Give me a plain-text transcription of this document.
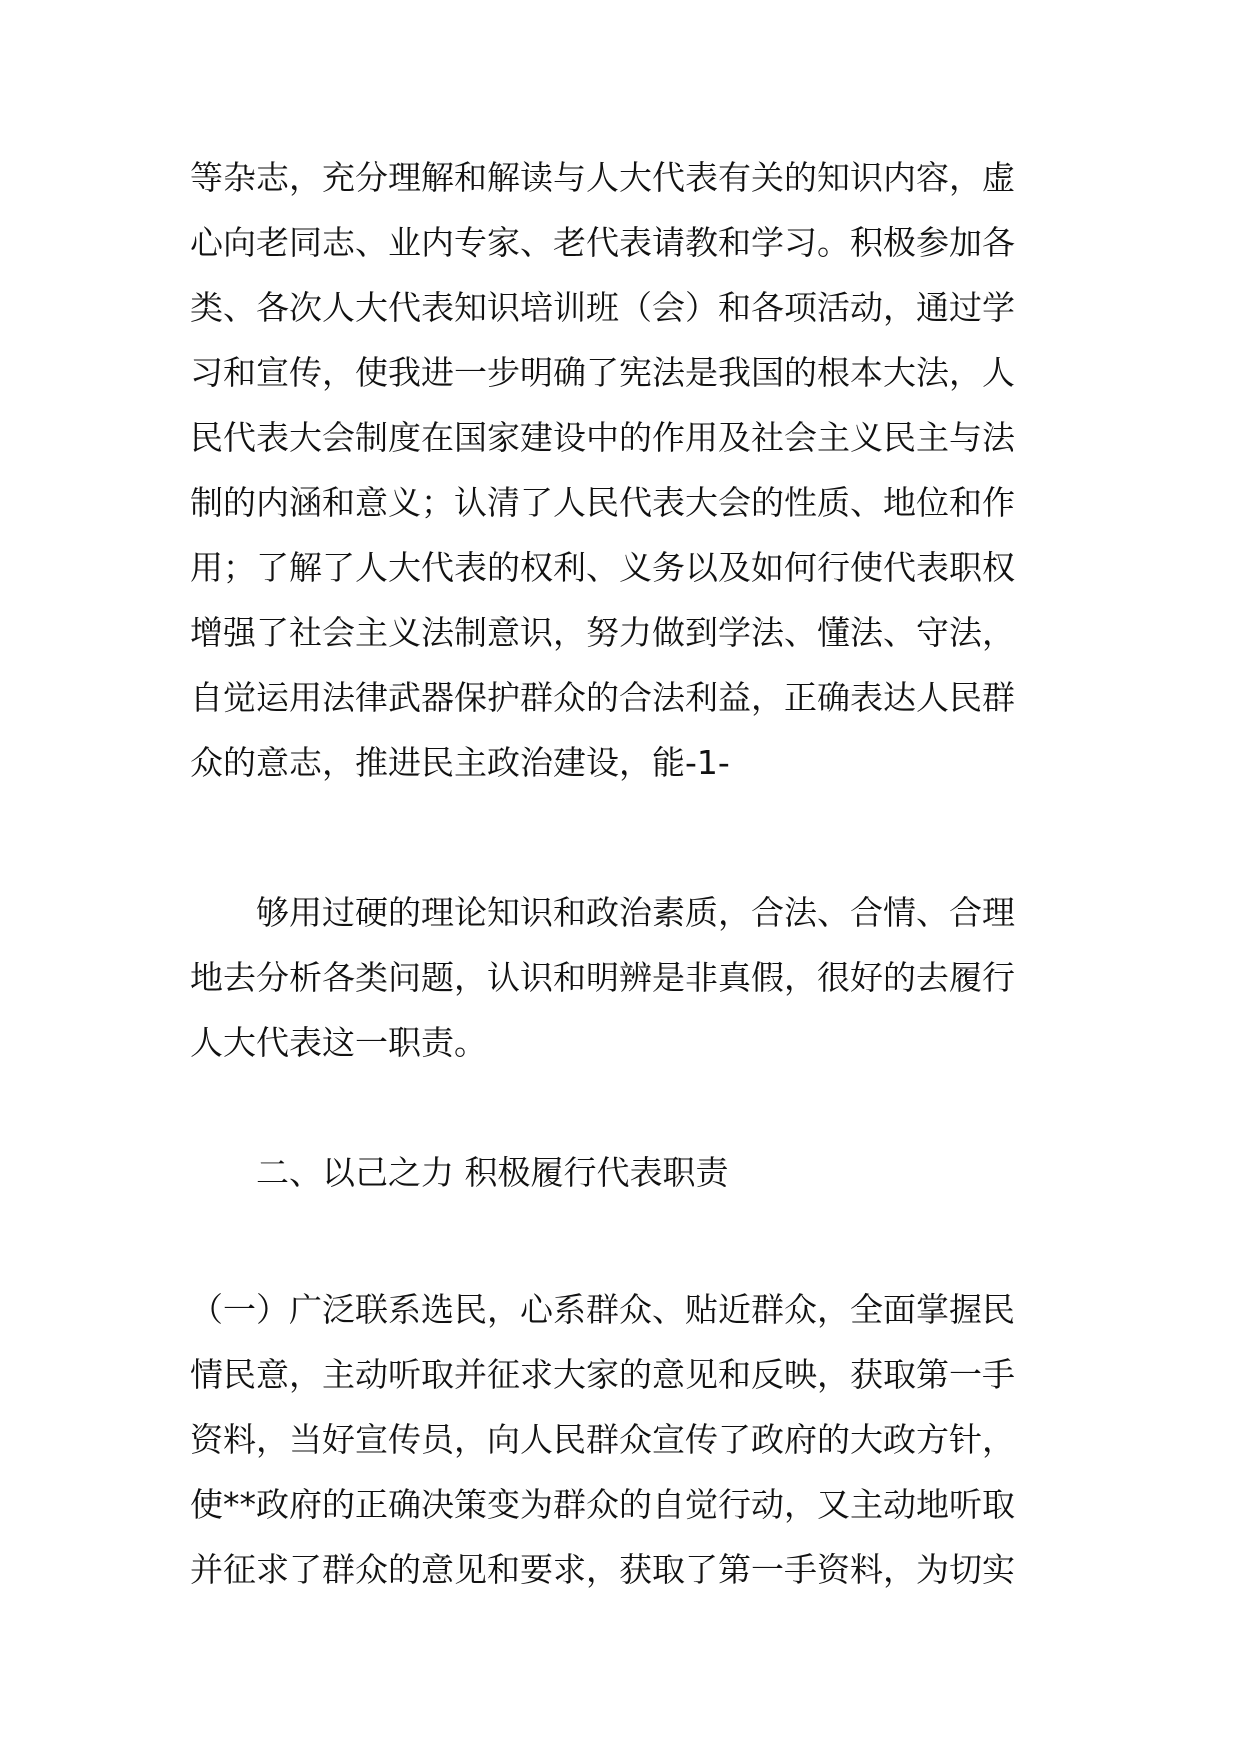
等杂志，充分理解和解读与人大代表有关的知识内容，虚
心向老同志、业内专家、老代表请教和学习。积极参加各
类、各次人大代表知识培训班（会）和各项活动，通过学
习和宣传，使我进一步明确了宪法是我国的根本大法，人
民代表大会制度在国家建设中的作用及社会主义民主与法
制的内涵和意义；认清了人民代表大会的性质、地位和作
用；了解了人大代表的权利、义务以及如何行使代表职权
增强了社会主义法制意识，努力做到学法、懂法、守法，
自觉运用法律武器保护群众的合法利益，正确表达人民群
众的意志，推进民主政治建设，能-1-
够用过硬的理论知识和政治素质，合法、合情、合理
地去分析各类问题，认识和明辨是非真假，很好的去履行
人大代表这一职责。
二、以己之力 积极履行代表职责
（一）广泛联系选民，心系群众、贴近群众，全面掌握民
情民意，主动听取并征求大家的意见和反映，获取第一手
资料，当好宣传员，向人民群众宣传了政府的大政方针，
使**政府的正确决策变为群众的自觉行动，又主动地听取
并征求了群众的意见和要求，获取了第一手资料，为切实
